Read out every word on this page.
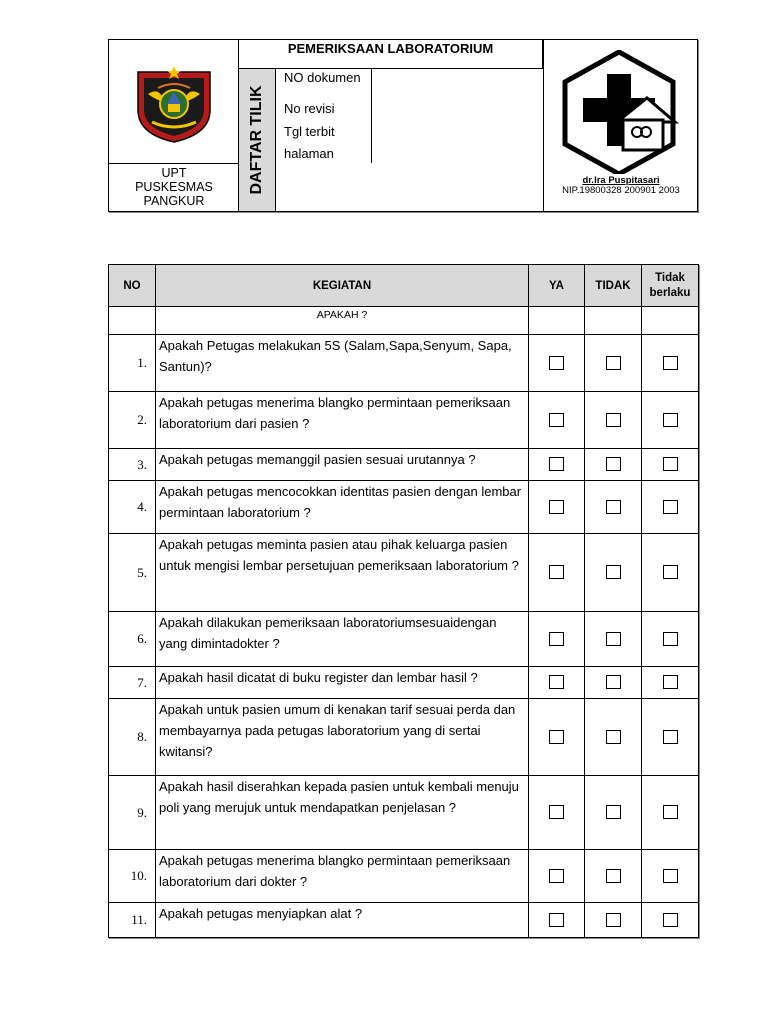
UPT
PUSKESMAS
PANGKUR
PEMERIKSAAN LABORATORIUM
DAFTAR TILIK
NO dokumen
No revisi
Tgl terbit
halaman
dr.Ira Puspitasari
NIP.19800328 200901 2003
NO	KEGIATAN	YA	TIDAK	Tidak
berlaku

	APAKAH ?			
1.	Apakah Petugas melakukan 5S (Salam,Sapa,Senyum, Sapa, Santun)?			
2.	Apakah petugas menerima blangko permintaan pemeriksaan laboratorium dari pasien ?			
3.	Apakah petugas memanggil pasien sesuai urutannya ?			
4.	Apakah petugas mencocokkan identitas pasien dengan lembar permintaan laboratorium ?			
5.	Apakah petugas meminta pasien atau pihak keluarga pasien untuk mengisi lembar persetujuan pemeriksaan laboratorium ?			
6.	Apakah dilakukan pemeriksaan laboratoriumsesuaidengan yang dimintadokter ?			
7.	Apakah hasil dicatat di buku register dan lembar hasil ?			
8.	Apakah untuk pasien umum di kenakan tarif sesuai perda dan membayarnya pada petugas laboratorium yang di sertai kwitansi?			
9.	Apakah hasil diserahkan kepada pasien untuk kembali menuju poli yang merujuk untuk mendapatkan penjelasan ?			
10.	Apakah petugas menerima blangko permintaan pemeriksaan laboratorium dari dokter ?			
11.	Apakah petugas menyiapkan alat ?			
